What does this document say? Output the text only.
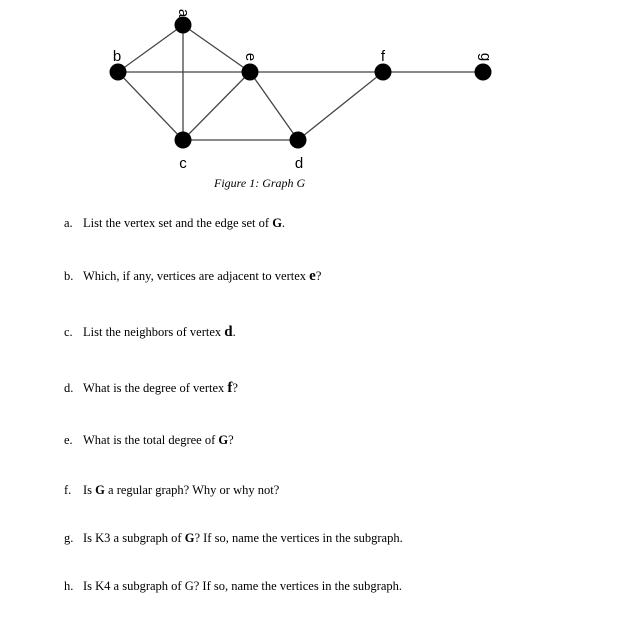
a
b
c	d
e	f	g
Figure 1: Graph G
a. List the vertex set and the edge set of G.
b. Which, if any, vertices are adjacent to vertex e?
c. List the neighbors of vertex d.
d. What is the degree of vertex f?
e. What is the total degree of G?
f. Is G a regular graph? Why or why not?
g. Is K3 a subgraph of G? If so, name the vertices in the subgraph.
h. Is K4 a subgraph of G? If so, name the vertices in the subgraph.
